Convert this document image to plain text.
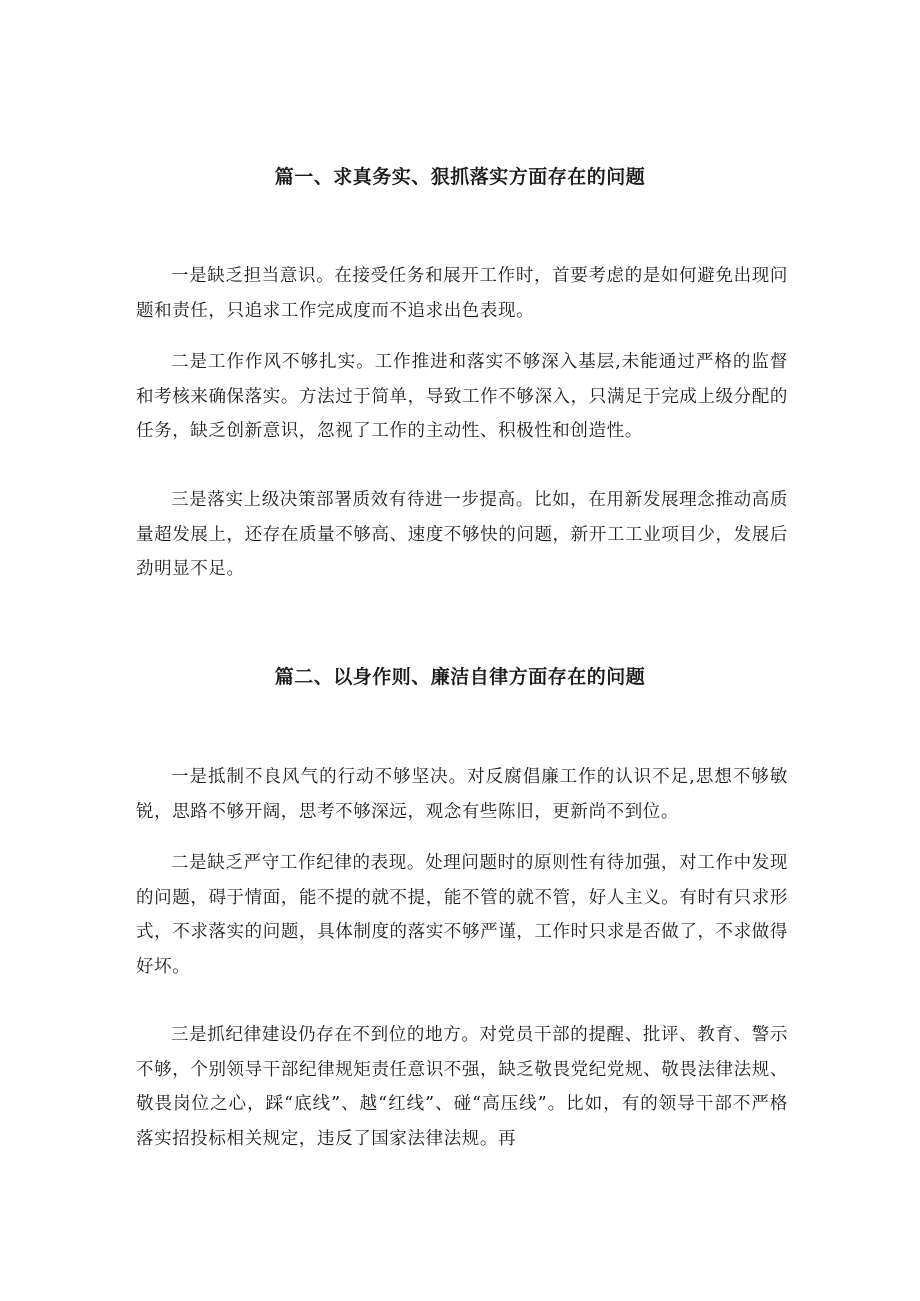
篇一、求真务实、狠抓落实方面存在的问题

一是缺乏担当意识。在接受任务和展开工作时，首要考虑的是如何避免出现问题和责任，只追求工作完成度而不追求出色表现。

二是工作作风不够扎实。工作推进和落实不够深入基层,未能通过严格的监督和考核来确保落实。方法过于简单，导致工作不够深入，只满足于完成上级分配的任务，缺乏创新意识，忽视了工作的主动性、积极性和创造性。

三是落实上级决策部署质效有待进一步提高。比如，在用新发展理念推动高质量超发展上，还存在质量不够高、速度不够快的问题，新开工工业项目少，发展后劲明显不足。

篇二、以身作则、廉洁自律方面存在的问题

一是抵制不良风气的行动不够坚决。对反腐倡廉工作的认识不足,思想不够敏锐，思路不够开阔，思考不够深远，观念有些陈旧，更新尚不到位。

二是缺乏严守工作纪律的表现。处理问题时的原则性有待加强，对工作中发现的问题，碍于情面，能不提的就不提，能不管的就不管，好人主义。有时有只求形式，不求落实的问题，具体制度的落实不够严谨，工作时只求是否做了，不求做得好坏。

三是抓纪律建设仍存在不到位的地方。对党员干部的提醒、批评、教育、警示不够，个别领导干部纪律规矩责任意识不强，缺乏敬畏党纪党规、敬畏法律法规、敬畏岗位之心，踩“底线”、越“红线”、碰“高压线”。比如，有的领导干部不严格落实招投标相关规定，违反了国家法律法规。再
